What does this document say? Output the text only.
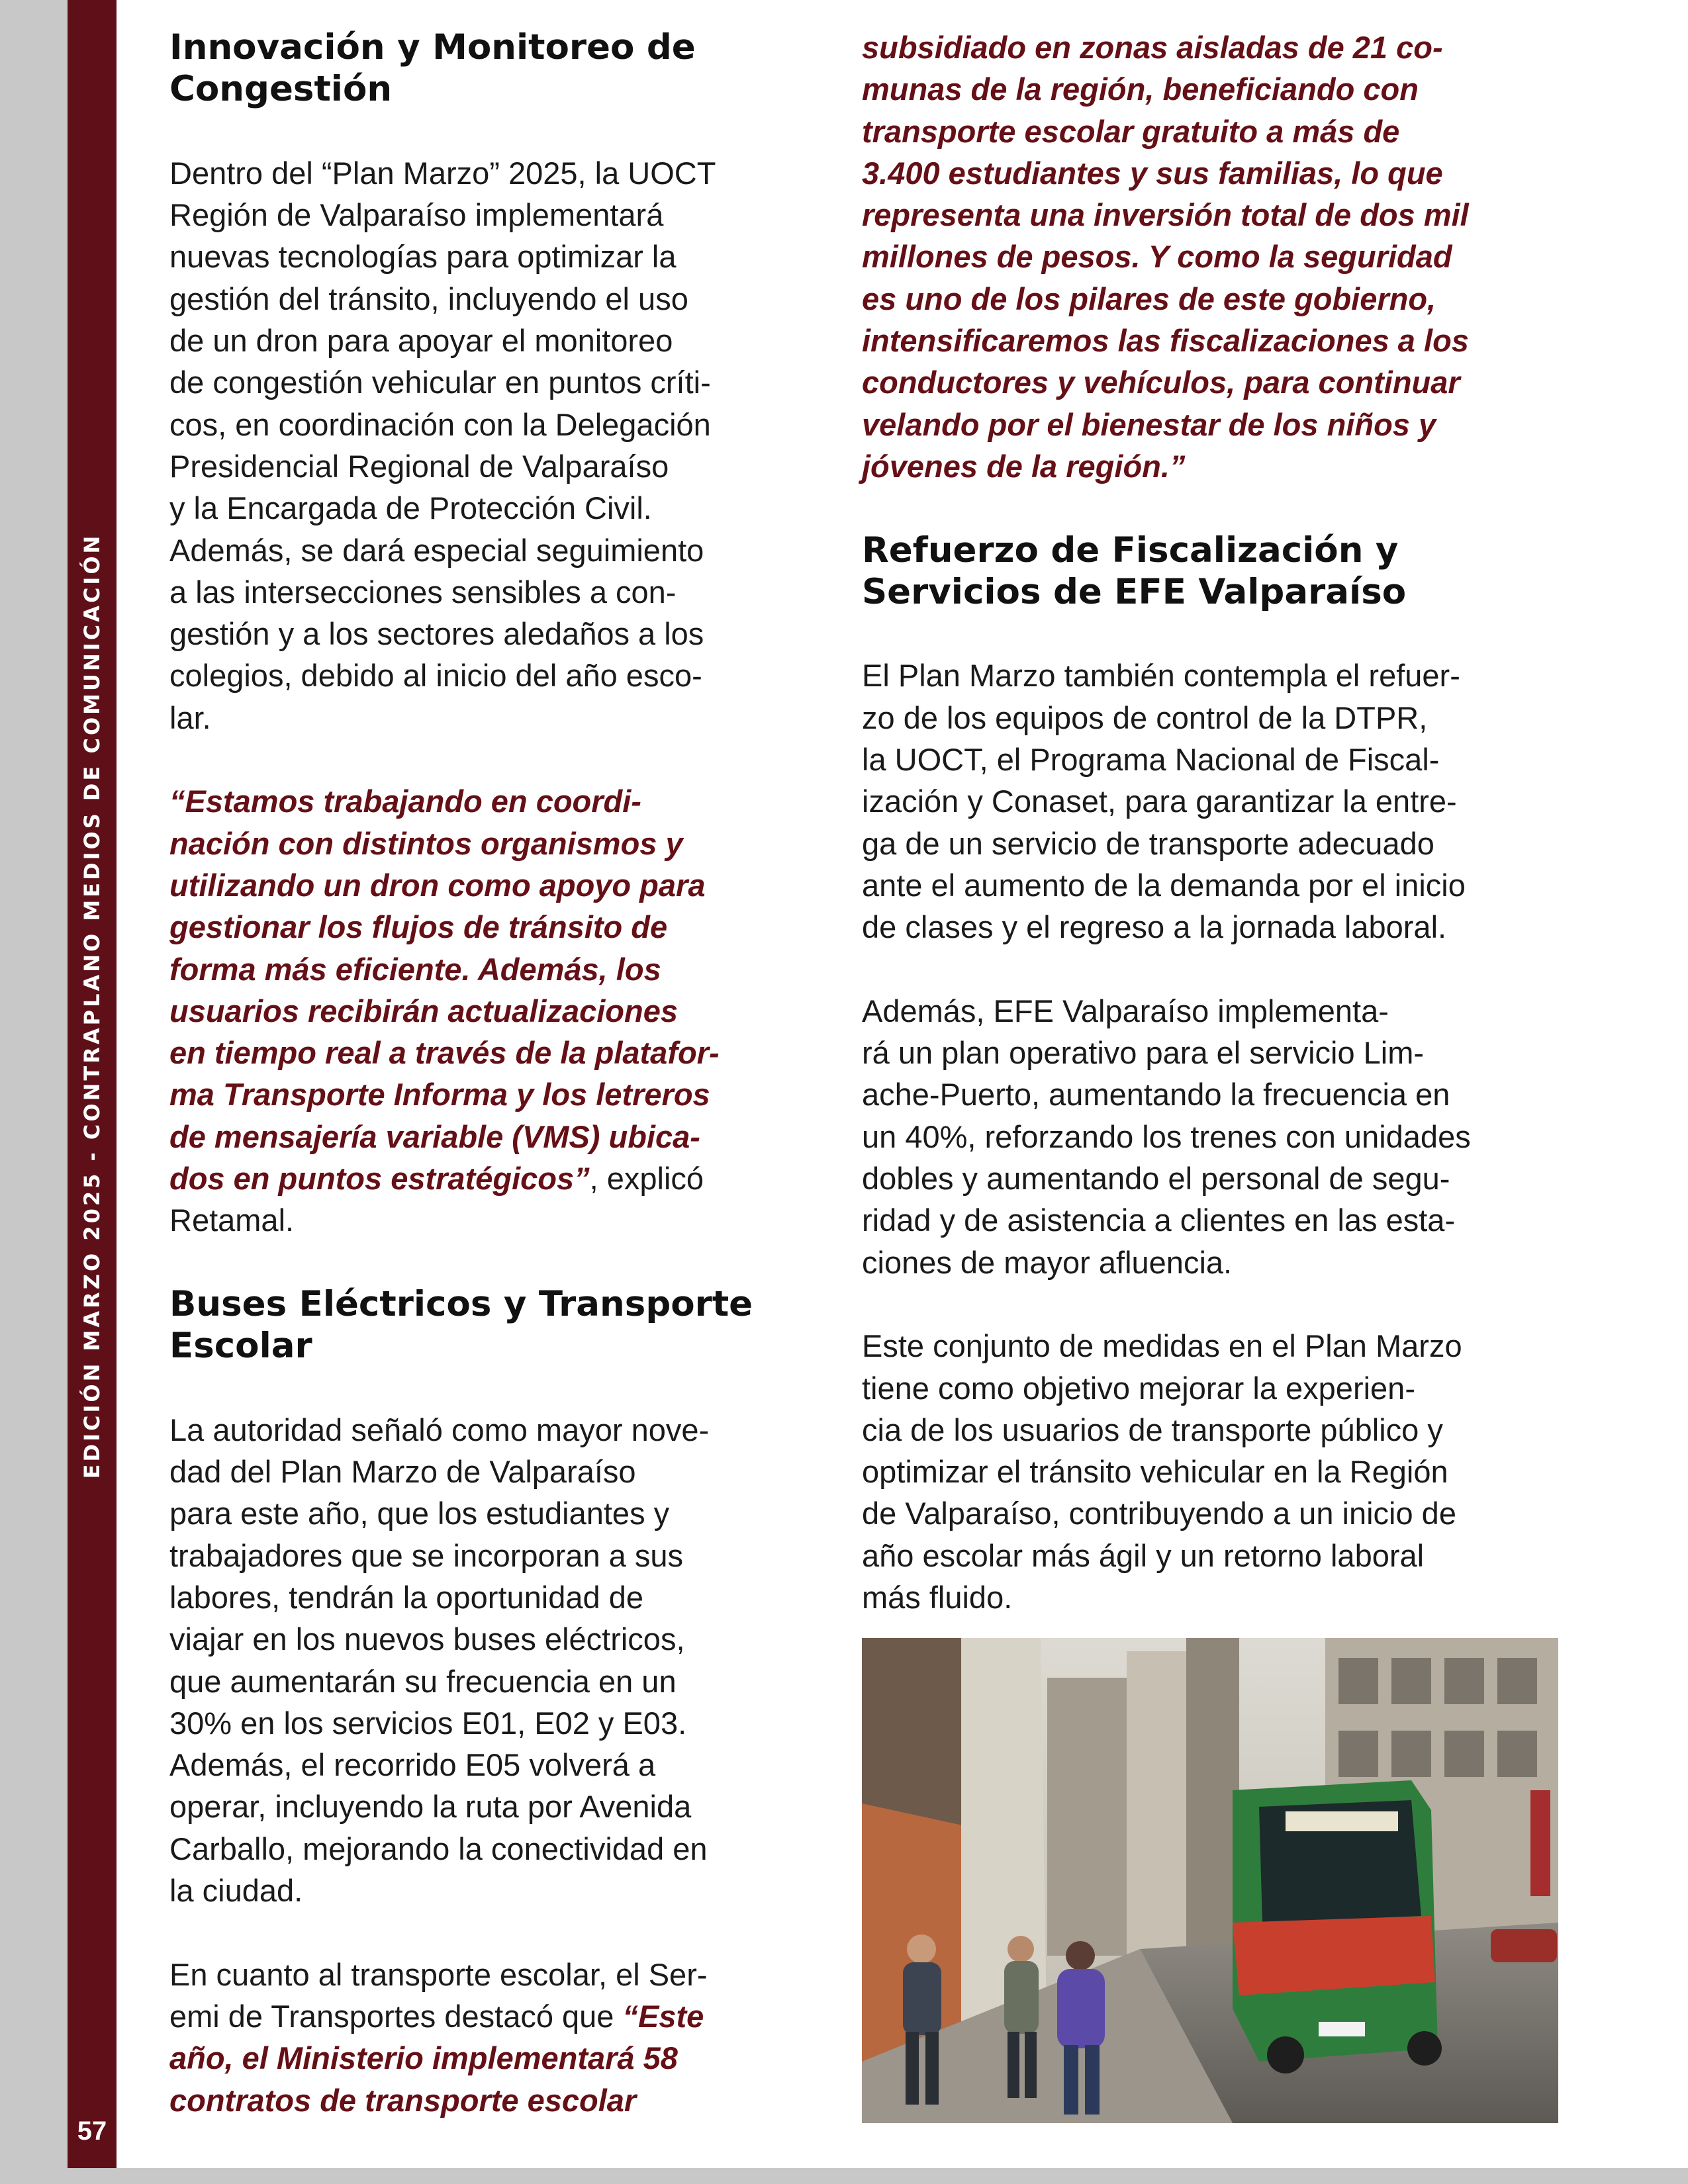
EDICIÓN MARZO 2025 - CONTRAPLANO MEDIOS DE COMUNICACIÓN
57
Innovación y Monitoreo de
Congestión

Dentro del “Plan Marzo” 2025, la UOCT
Región de Valparaíso implementará
nuevas tecnologías para optimizar la
gestión del tránsito, incluyendo el uso
de un dron para apoyar el monitoreo
de congestión vehicular en puntos críti-
cos, en coordinación con la Delegación
Presidencial Regional de Valparaíso
y la Encargada de Protección Civil.
Además, se dará especial seguimiento
a las intersecciones sensibles a con-
gestión y a los sectores aledaños a los
colegios, debido al inicio del año esco-
lar.

“Estamos trabajando en coordi-
nación con distintos organismos y
utilizando un dron como apoyo para
gestionar los flujos de tránsito de
forma más eficiente. Además, los
usuarios recibirán actualizaciones
en tiempo real a través de la platafor-
ma Transporte Informa y los letreros
de mensajería variable (VMS) ubica-
dos en puntos estratégicos”, explicó
Retamal.

Buses Eléctricos y Transporte
Escolar

La autoridad señaló como mayor nove-
dad del Plan Marzo de Valparaíso
para este año, que los estudiantes y
trabajadores que se incorporan a sus
labores, tendrán la oportunidad de
viajar en los nuevos buses eléctricos,
que aumentarán su frecuencia en un
30% en los servicios E01, E02 y E03.
Además, el recorrido E05 volverá a
operar, incluyendo la ruta por Avenida
Carballo, mejorando la conectividad en
la ciudad.

En cuanto al transporte escolar, el Ser-
emi de Transportes destacó que “Este
año, el Ministerio implementará 58
contratos de transporte escolar

subsidiado en zonas aisladas de 21 co-
munas de la región, beneficiando con
transporte escolar gratuito a más de
3.400 estudiantes y sus familias, lo que
representa una inversión total de dos mil
millones de pesos. Y como la seguridad
es uno de los pilares de este gobierno,
intensificaremos las fiscalizaciones a los
conductores y vehículos, para continuar
velando por el bienestar de los niños y
jóvenes de la región.”

Refuerzo de Fiscalización y
Servicios de EFE Valparaíso

El Plan Marzo también contempla el refuer-
zo de los equipos de control de la DTPR,
la UOCT, el Programa Nacional de Fiscal-
ización y Conaset, para garantizar la entre-
ga de un servicio de transporte adecuado
ante el aumento de la demanda por el inicio
de clases y el regreso a la jornada laboral.

Además, EFE Valparaíso implementa-
rá un plan operativo para el servicio Lim-
ache-Puerto, aumentando la frecuencia en
un 40%, reforzando los trenes con unidades
dobles y aumentando el personal de segu-
ridad y de asistencia a clientes en las esta-
ciones de mayor afluencia.

Este conjunto de medidas en el Plan Marzo
tiene como objetivo mejorar la experien-
cia de los usuarios de transporte público y
optimizar el tránsito vehicular en la Región
de Valparaíso, contribuyendo a un inicio de
año escolar más ágil y un retorno laboral
más fluido.
